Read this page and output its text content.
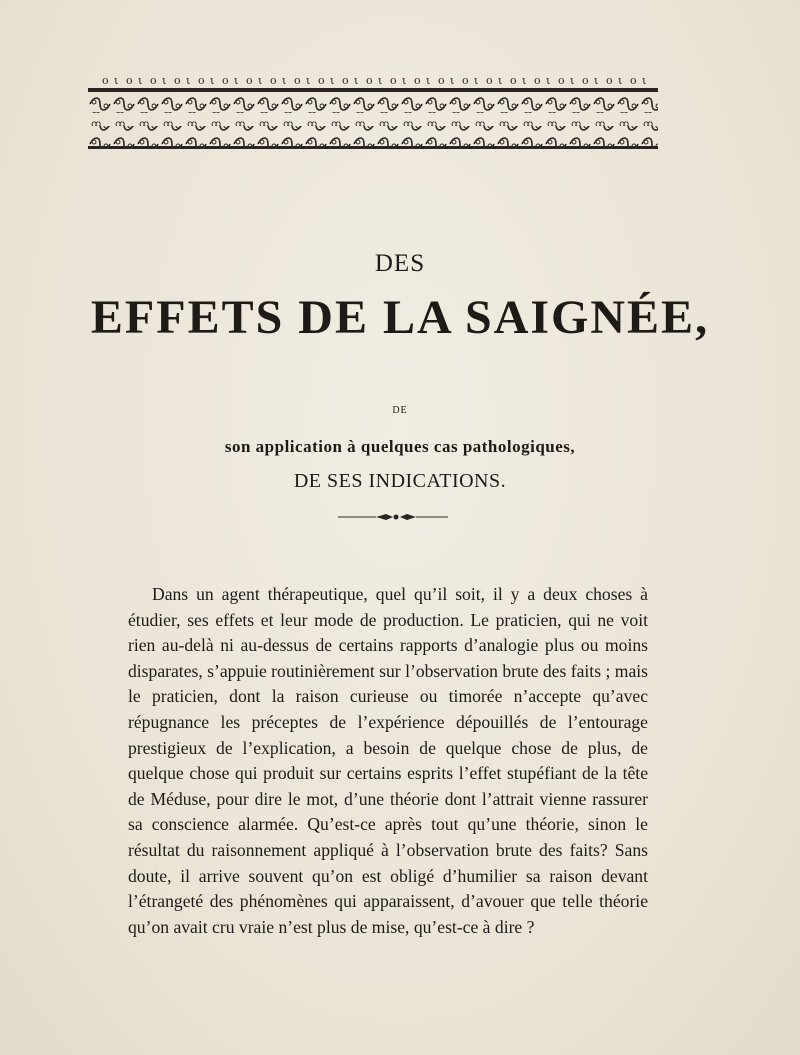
DES
EFFETS DE LA SAIGNÉE,
DE
son application à quelques cas pathologiques,
DE SES INDICATIONS.

Dans un agent thérapeutique, quel qu’il soit, il y a deux choses à étudier, ses effets et leur mode de production. Le praticien, qui ne voit rien au-delà ni au-dessus de certains rapports d’analogie plus ou moins disparates, s’appuie routinièrement sur l’observation brute des faits ; mais le praticien, dont la raison curieuse ou timorée n’accepte qu’avec répugnance les préceptes de l’expérience dépouillés de l’entourage prestigieux de l’explication, a besoin de quelque chose de plus, de quelque chose qui produit sur certains esprits l’effet stupéfiant de la tête de Méduse, pour dire le mot, d’une théorie dont l’attrait vienne rassurer sa conscience alarmée. Qu’est-ce après tout qu’une théorie, sinon le résultat du raisonnement appliqué à l’observation brute des faits? Sans doute, il arrive souvent qu’on est obligé d’humilier sa raison devant l’étrangeté des phénomènes qui apparaissent, d’avouer que telle théorie qu’on avait cru vraie n’est plus de mise, qu’est-ce à dire ?
